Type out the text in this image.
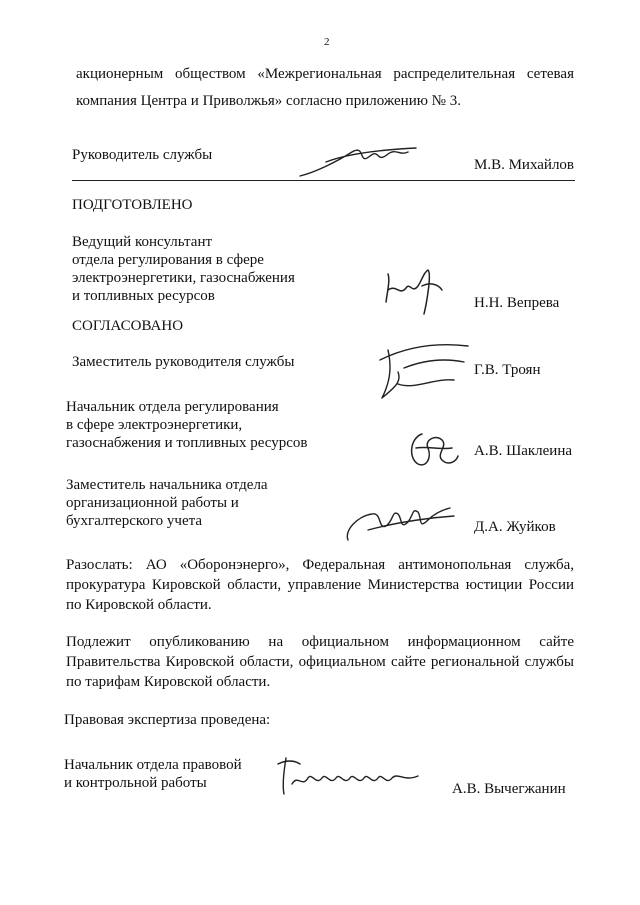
2
акционерным обществом «Межрегиональная распределительная сетевая
компания Центра и Приволжья» согласно приложению № 3.
Руководитель службы
М.В. Михайлов
ПОДГОТОВЛЕНО
Ведущий консультант
отдела регулирования в сфере
электроэнергетики, газоснабжения
и топливных ресурсов	Н.Н. Вепрева
СОГЛАСОВАНО
Заместитель руководителя службы	Г.В. Троян
Начальник отдела регулирования
в сфере электроэнергетики,
газоснабжения и топливных ресурсов	А.В. Шаклеина
Заместитель начальника отдела
организационной работы и
бухгалтерского учета	Д.А. Жуйков
Разослать: АО «Оборонэнерго», Федеральная антимонопольная служба, прокуратура Кировской области, управление Министерства юстиции России по Кировской области.
Подлежит опубликованию на официальном информационном сайте Правительства Кировской области, официальном сайте региональной службы по тарифам Кировской области.
Правовая экспертиза проведена:
Начальник отдела правовой
и контрольной работы	А.В. Вычегжанин
